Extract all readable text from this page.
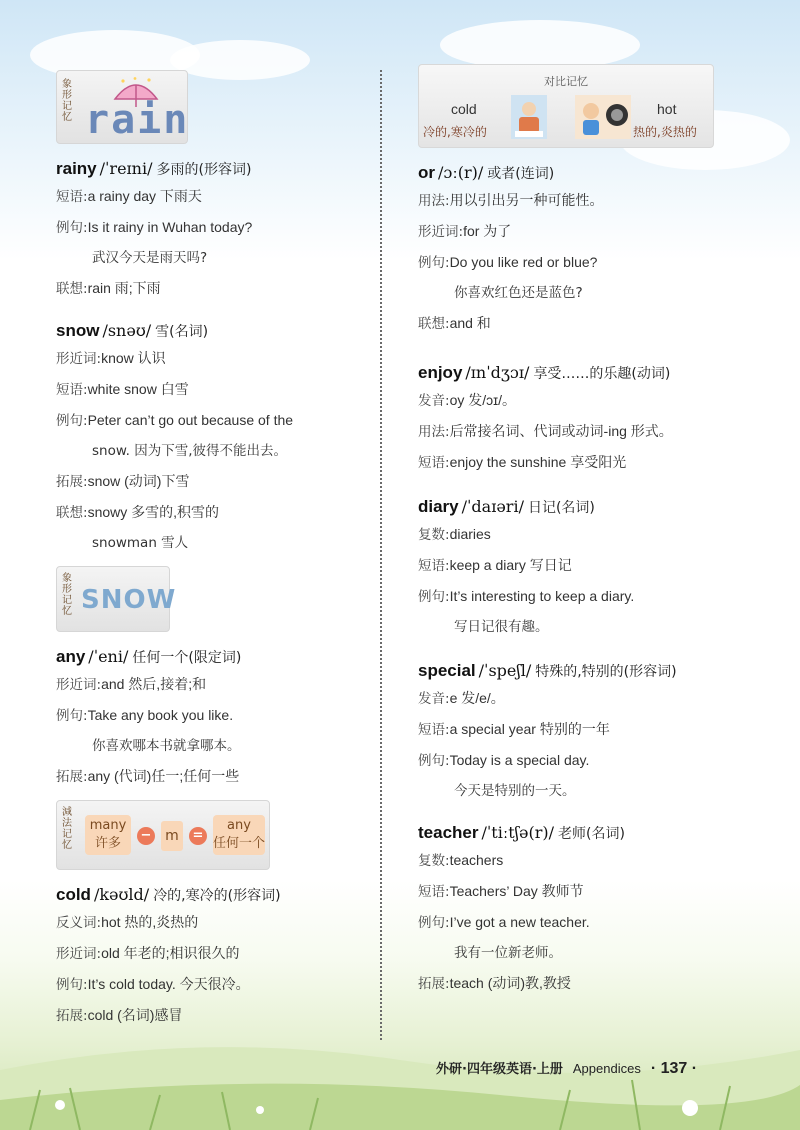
象形记忆 rain
rainy /ˈreɪni/ 多雨的(形容词)
短语:a rainy day 下雨天
例句:Is it rainy in Wuhan today?
武汉今天是雨天吗?
联想:rain 雨;下雨
snow /snəʊ/ 雪(名词)
形近词:know 认识
短语:white snow 白雪
例句:Peter can’t go out because of the
snow. 因为下雪,彼得不能出去。
拓展:snow (动词)下雪
联想:snowy 多雪的,积雪的
snowman 雪人
象形记忆 SNOW
any /ˈeni/ 任何一个(限定词)
形近词:and 然后,接着;和
例句:Take any book you like.
你喜欢哪本书就拿哪本。
拓展:any (代词)任一;任何一些
減法记忆
many
许多
− m	=
any
任何一个
cold /kəʊld/ 冷的,寒冷的(形容词)
反义词:hot 热的,炎热的
形近词:old 年老的;相识很久的
例句:It’s cold today. 今天很冷。
拓展:cold (名词)感冒
对比记忆
cold
冷的,寒冷的
hot
热的,炎热的
or /ɔː(r)/ 或者(连词)
用法:用以引出另一种可能性。
形近词:for 为了
例句:Do you like red or blue?
你喜欢红色还是蓝色?
联想:and 和
enjoy /ɪnˈdʒɔɪ/ 享受……的乐趣(动词)
发音:oy 发/ɔɪ/。
用法:后常接名词、代词或动词-ing 形式。
短语:enjoy the sunshine 享受阳光
diary /ˈdaɪəri/ 日记(名词)
复数:diaries
短语:keep a diary 写日记
例句:It’s interesting to keep a diary.
写日记很有趣。
special /ˈspeʃl/ 特殊的,特别的(形容词)
发音:e 发/e/。
短语:a special year 特别的一年
例句:Today is a special day.
今天是特别的一天。
teacher /ˈtiːtʃə(r)/ 老师(名词)
复数:teachers
短语:Teachers’ Day 教师节
例句:I’ve got a new teacher.
我有一位新老师。
拓展:teach (动词)教,教授
外研·四年级英语·上册 Appendices · 137 ·
